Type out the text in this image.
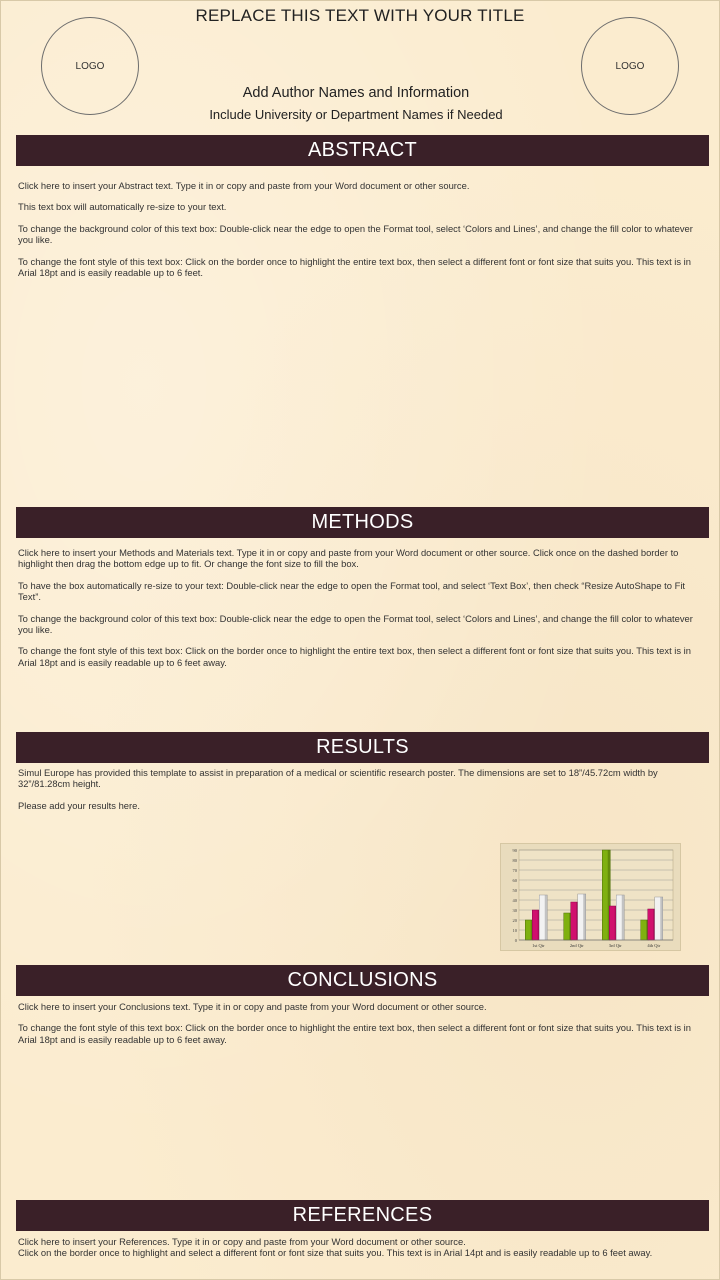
REPLACE THIS TEXT WITH YOUR TITLE
LOGO	LOGO
Add Author Names and Information
Include University or Department Names if Needed
ABSTRACT

Click here to insert your Abstract text. Type it in or copy and paste from your Word document or other source.

This text box will automatically re-size to your text.

To change the background color of this text box: Double-click near the edge to open the Format tool, select ‘Colors and Lines’, and change the fill color to whatever you like.

To change the font style of this text box: Click on the border once to highlight the entire text box, then select a different font or font size that suits you. This text is in Arial 18pt and is easily readable up to 6 feet.

METHODS

Click here to insert your Methods and Materials text. Type it in or copy and paste from your Word document or other source. Click once on the dashed border to highlight then drag the bottom edge up to fit. Or change the font size to fill the box.

To have the box automatically re-size to your text: Double-click near the edge to open the Format tool, and select ‘Text Box’, then check “Resize AutoShape to Fit Text”.

To change the background color of this text box: Double-click near the edge to open the Format tool, select ‘Colors and Lines’, and change the fill color to whatever you like.

To change the font style of this text box: Click on the border once to highlight the entire text box, then select a different font or font size that suits you. This text is in Arial 18pt and is easily readable up to 6 feet away.

RESULTS

Simul Europe has provided this template to assist in preparation of a medical or scientific research poster. The dimensions are set to 18”/45.72cm width by 32”/81.28cm height.

Please add your results here.

0
10
20
30
40
50
60
70
80
90
1st Qtr	2nd Qtr	3rd Qtr	4th Qtr
CONCLUSIONS

Click here to insert your Conclusions text. Type it in or copy and paste from your Word document or other source.

To change the font style of this text box: Click on the border once to highlight the entire text box, then select a different font or font size that suits you. This text is in Arial 18pt and is easily readable up to 6 feet away.

REFERENCES
Click here to insert your References. Type it in or copy and paste from your Word document or other source.
Click on the border once to highlight and select a different font or font size that suits you. This text is in Arial 14pt and is easily readable up to 6 feet away.
